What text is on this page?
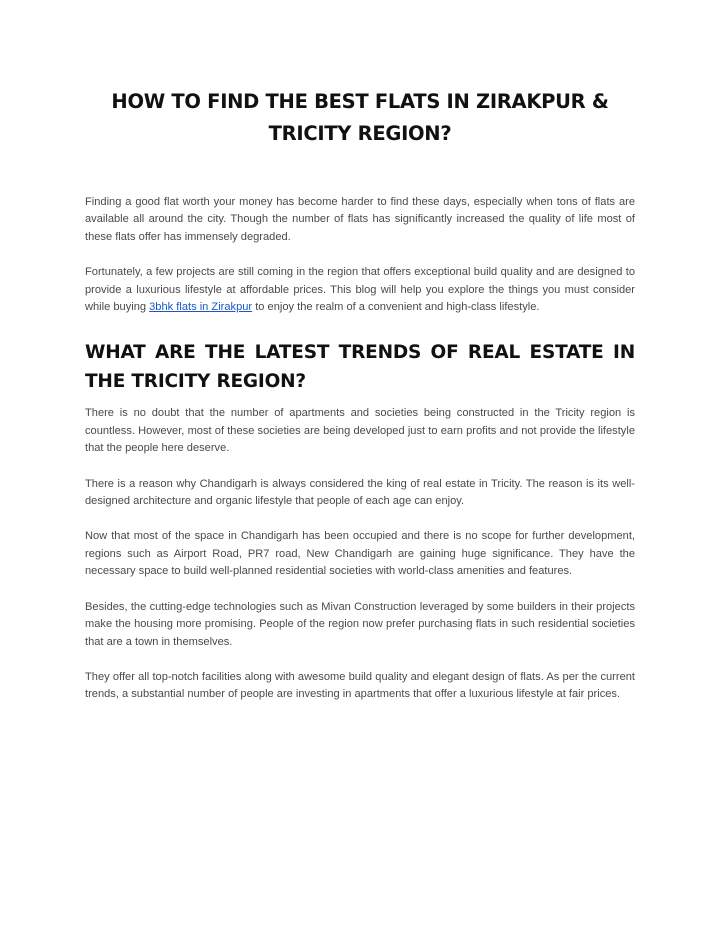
HOW TO FIND THE BEST FLATS IN ZIRAKPUR &
TRICITY REGION?

Finding a good flat worth your money has become harder to find these days, especially when tons of flats are available all around the city. Though the number of flats has significantly increased the quality of life most of these flats offer has immensely degraded.

Fortunately, a few projects are still coming in the region that offers exceptional build quality and are designed to provide a luxurious lifestyle at affordable prices. This blog will help you explore the things you must consider while buying 3bhk flats in Zirakpur to enjoy the realm of a convenient and high-class lifestyle.

WHAT ARE THE LATEST TRENDS OF REAL ESTATE IN
THE TRICITY REGION?

There is no doubt that the number of apartments and societies being constructed in the Tricity region is countless. However, most of these societies are being developed just to earn profits and not provide the lifestyle that the people here deserve.

There is a reason why Chandigarh is always considered the king of real estate in Tricity. The reason is its well-designed architecture and organic lifestyle that people of each age can enjoy.

Now that most of the space in Chandigarh has been occupied and there is no scope for further development, regions such as Airport Road, PR7 road, New Chandigarh are gaining huge significance. They have the necessary space to build well-planned residential societies with world-class amenities and features.

Besides, the cutting-edge technologies such as Mivan Construction leveraged by some builders in their projects make the housing more promising. People of the region now prefer purchasing flats in such residential societies that are a town in themselves.

They offer all top-notch facilities along with awesome build quality and elegant design of flats. As per the current trends, a substantial number of people are investing in apartments that offer a luxurious lifestyle at fair prices.
